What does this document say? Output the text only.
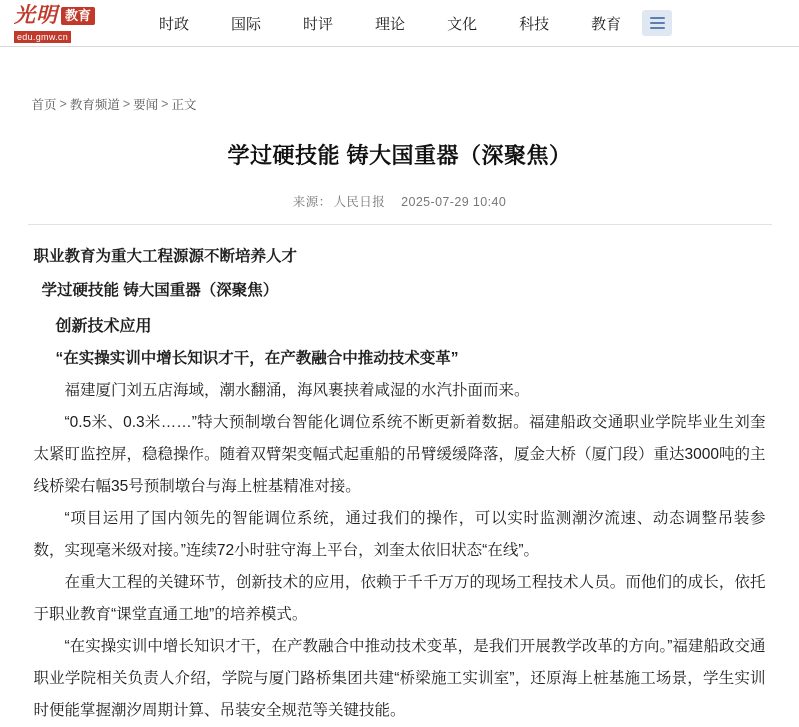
光明 教育
edu.gmw.cn
时政	国际	时评	理论	文化	科技	教育
首页 > 教育频道 > 要闻 > 正文
学过硬技能 铸大国重器（深聚焦）
来源： 人民日报 2025-07-29 10:40
职业教育为重大工程源源不断培养人才
学过硬技能 铸大国重器（深聚焦）
创新技术应用
“在实操实训中增长知识才干，在产教融合中推动技术变革”

福建厦门刘五店海域，潮水翻涌，海风裹挟着咸湿的水汽扑面而来。

“0.5米、0.3米……”特大预制墩台智能化调位系统不断更新着数据。福建船政交通职业学院毕业生刘奎太紧盯监控屏，稳稳操作。随着双臂架变幅式起重船的吊臂缓缓降落，厦金大桥（厦门段）重达3000吨的主线桥梁右幅35号预制墩台与海上桩基精准对接。

“项目运用了国内领先的智能调位系统，通过我们的操作，可以实时监测潮汐流速、动态调整吊装参数，实现毫米级对接。”连续72小时驻守海上平台，刘奎太依旧状态“在线”。

在重大工程的关键环节，创新技术的应用，依赖于千千万万的现场工程技术人员。而他们的成长，依托于职业教育“课堂直通工地”的培养模式。

“在实操实训中增长知识才干，在产教融合中推动技术变革，是我们开展教学改革的方向。”福建船政交通职业学院相关负责人介绍，学院与厦门路桥集团共建“桥梁施工实训室”，还原海上桩基施工场景，学生实训时便能掌握潮汐周期计算、吊装安全规范等关键技能。
